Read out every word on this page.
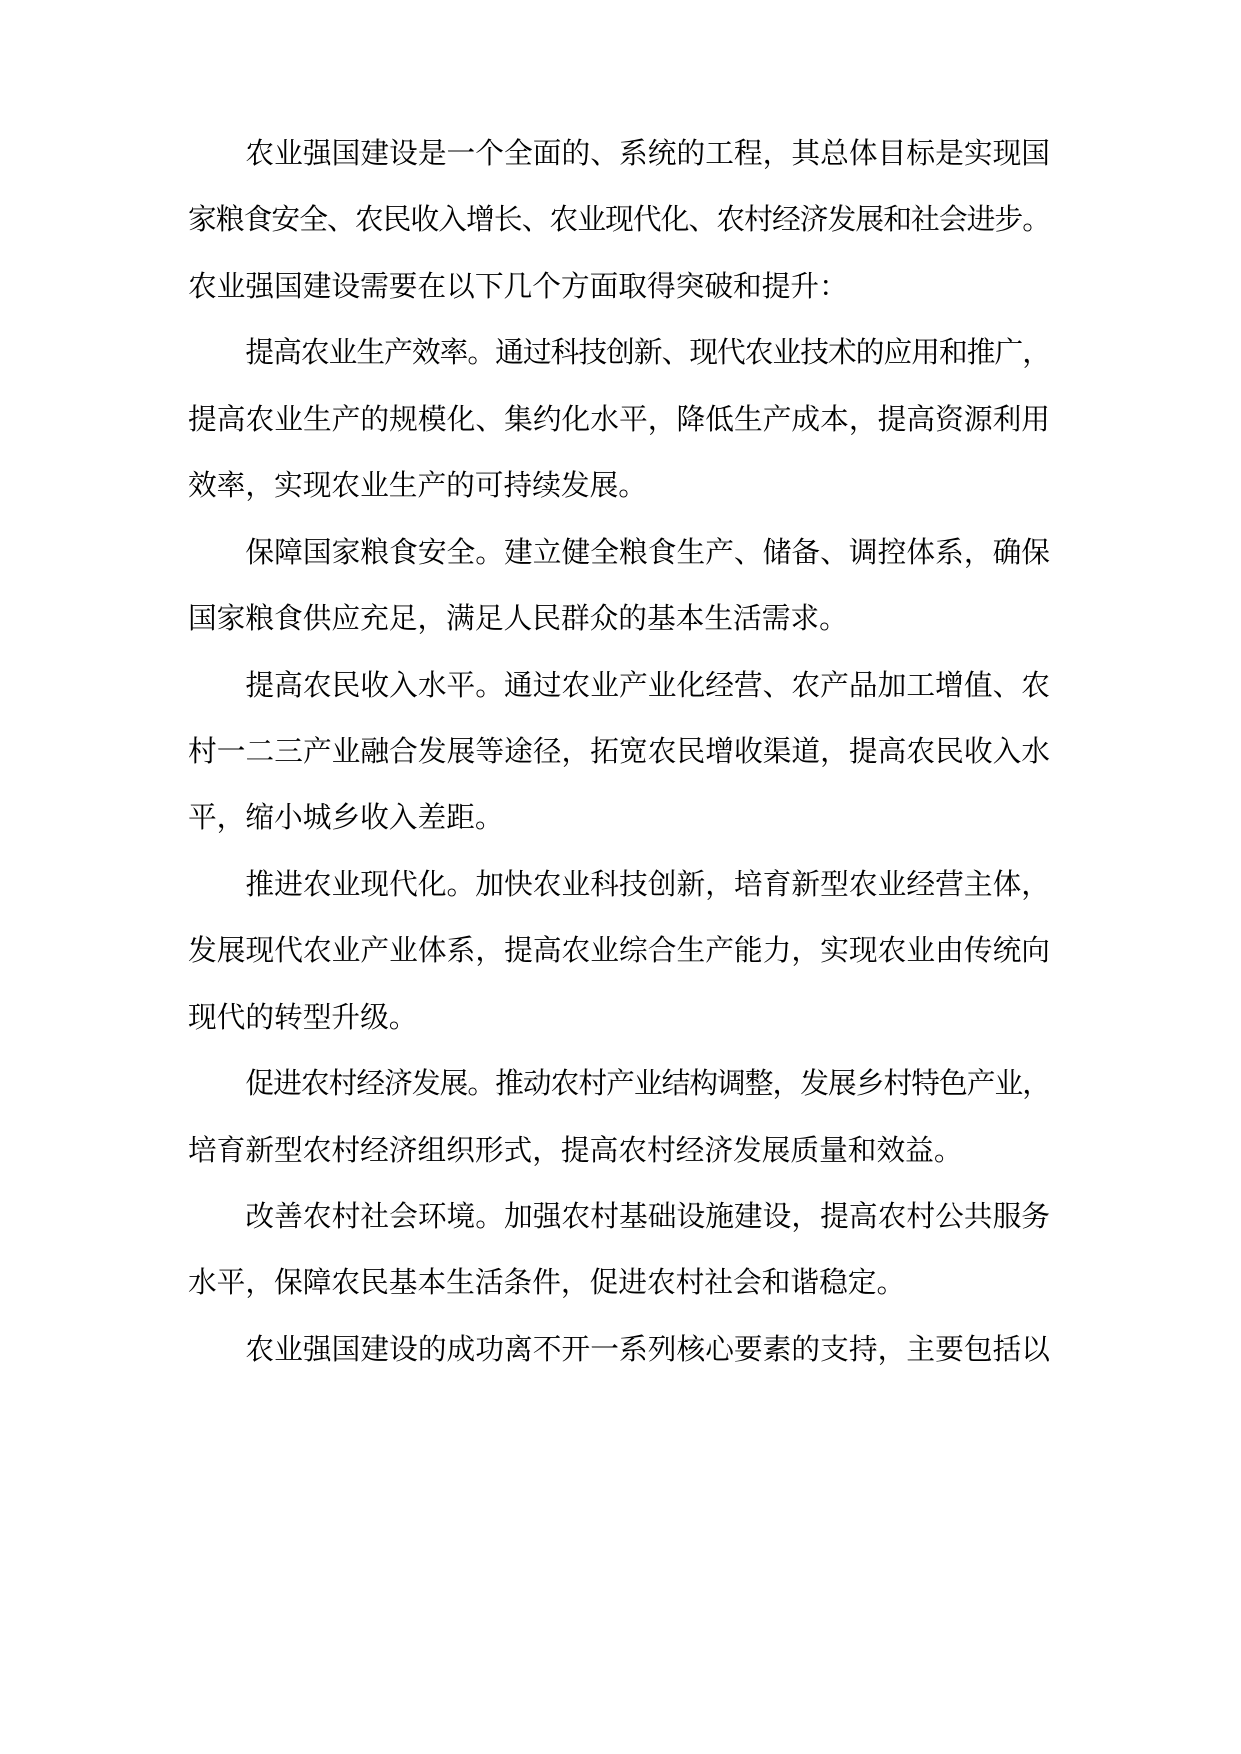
农业强国建设是一个全面的、系统的工程，其总体目标是实现国
家粮食安全、农民收入增长、农业现代化、农村经济发展和社会进步。
农业强国建设需要在以下几个方面取得突破和提升：
提高农业生产效率。通过科技创新、现代农业技术的应用和推广，
提高农业生产的规模化、集约化水平，降低生产成本，提高资源利用
效率，实现农业生产的可持续发展。
保障国家粮食安全。建立健全粮食生产、储备、调控体系，确保
国家粮食供应充足，满足人民群众的基本生活需求。
提高农民收入水平。通过农业产业化经营、农产品加工增值、农
村一二三产业融合发展等途径，拓宽农民增收渠道，提高农民收入水
平，缩小城乡收入差距。
推进农业现代化。加快农业科技创新，培育新型农业经营主体，
发展现代农业产业体系，提高农业综合生产能力，实现农业由传统向
现代的转型升级。
促进农村经济发展。推动农村产业结构调整，发展乡村特色产业，
培育新型农村经济组织形式，提高农村经济发展质量和效益。
改善农村社会环境。加强农村基础设施建设，提高农村公共服务
水平，保障农民基本生活条件，促进农村社会和谐稳定。
农业强国建设的成功离不开一系列核心要素的支持，主要包括以
